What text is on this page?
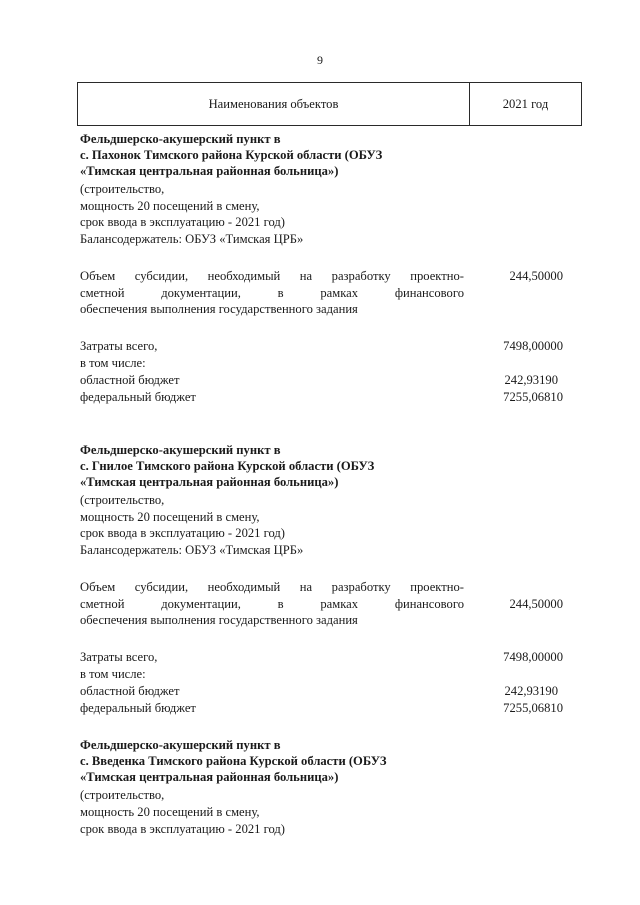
9
Наименования объектов	2021 год
Фельдшерско-акушерский пункт в
с. Пахонок Тимского района Курской области (ОБУЗ
«Тимская центральная районная больница»)
(строительство,
мощность 20 посещений в смену,
срок ввода в эксплуатацию - 2021 год)
Балансодержатель: ОБУЗ «Тимская ЦРБ»
Объем субсидии, необходимый на разработку проектно-
сметной документации, в рамках финансового
обеспечения выполнения государственного задания
244,50000
Затраты всего,	7498,00000
в том числе:
областной бюджет	242,93190
федеральный бюджет	7255,06810
Фельдшерско-акушерский пункт в
с. Гнилое Тимского района Курской области (ОБУЗ
«Тимская центральная районная больница»)
(строительство,
мощность 20 посещений в смену,
срок ввода в эксплуатацию - 2021 год)
Балансодержатель: ОБУЗ «Тимская ЦРБ»
Объем субсидии, необходимый на разработку проектно-
сметной документации, в рамках финансового
обеспечения выполнения государственного задания
244,50000
Затраты всего,	7498,00000
в том числе:
областной бюджет	242,93190
федеральный бюджет	7255,06810
Фельдшерско-акушерский пункт в
с. Введенка Тимского района Курской области (ОБУЗ
«Тимская центральная районная больница»)
(строительство,
мощность 20 посещений в смену,
срок ввода в эксплуатацию - 2021 год)
